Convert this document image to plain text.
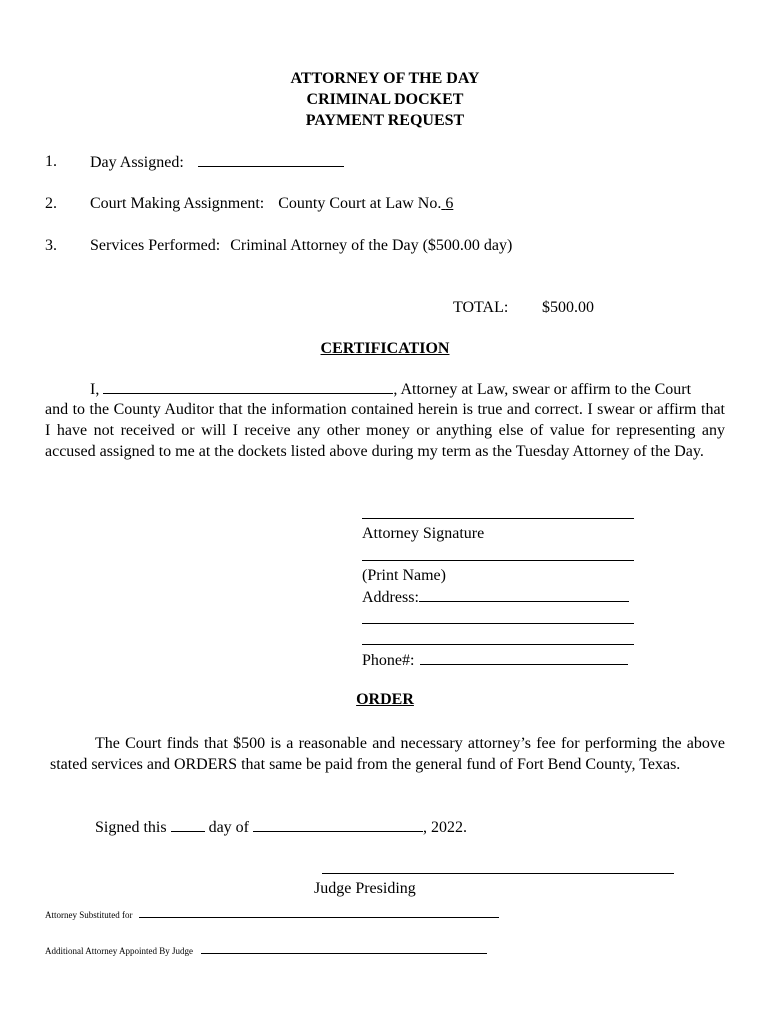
ATTORNEY OF THE DAY
CRIMINAL DOCKET
PAYMENT REQUEST
1. Day Assigned:
2. Court Making Assignment: County Court at Law No. 6
3. Services Performed: Criminal Attorney of the Day ($500.00 day)
TOTAL: $500.00
CERTIFICATION
I,	, Attorney at Law, swear or affirm to the Court
and to the County Auditor that the information contained herein is true and correct. I swear or affirm that I have not received or will I receive any other money or anything else of value for representing any accused assigned to me at the dockets listed above during my term as the Tuesday Attorney of the Day.
Attorney Signature
(Print Name)
Address:
Phone#:
ORDER
The Court finds that $500 is a reasonable and necessary attorney’s fee for performing the above stated services and ORDERS that same be paid from the general fund of Fort Bend County, Texas.
Signed this	day of	, 2022.
Judge Presiding
Attorney Substituted for
Additional Attorney Appointed By Judge
